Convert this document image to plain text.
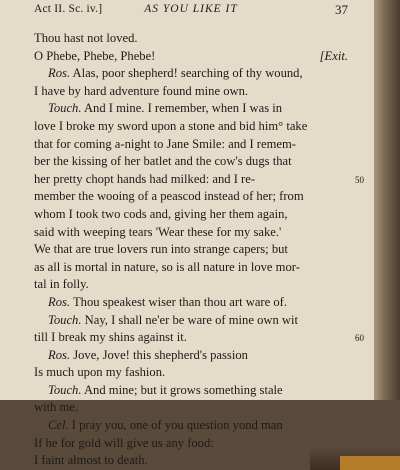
Act II. Sc. iv.]	AS YOU LIKE IT	37
Thou hast not loved.
O Phebe, Phebe, Phebe!	[Exit.
Ros. Alas, poor shepherd! searching of thy wound,
I have by hard adventure found mine own.
Touch. And I mine. I remember, when I was in
love I broke my sword upon a stone and bid him° take
that for coming a-night to Jane Smile: and I remem-
ber the kissing of her batlet and the cow's dugs that
her pretty chopt hands had milked: and I re-	50
member the wooing of a peascod instead of her; from
whom I took two cods and, giving her them again,
said with weeping tears 'Wear these for my sake.'
We that are true lovers run into strange capers; but
as all is mortal in nature, so is all nature in love mor-
tal in folly.
Ros. Thou speakest wiser than thou art ware of.
Touch. Nay, I shall ne'er be ware of mine own wit
till I break my shins against it.	60
Ros. Jove, Jove! this shepherd's passion
Is much upon my fashion.
Touch. And mine; but it grows something stale
with me.
Cel. I pray you, one of you question yond man
If he for gold will give us any food:
I faint almost to death.
